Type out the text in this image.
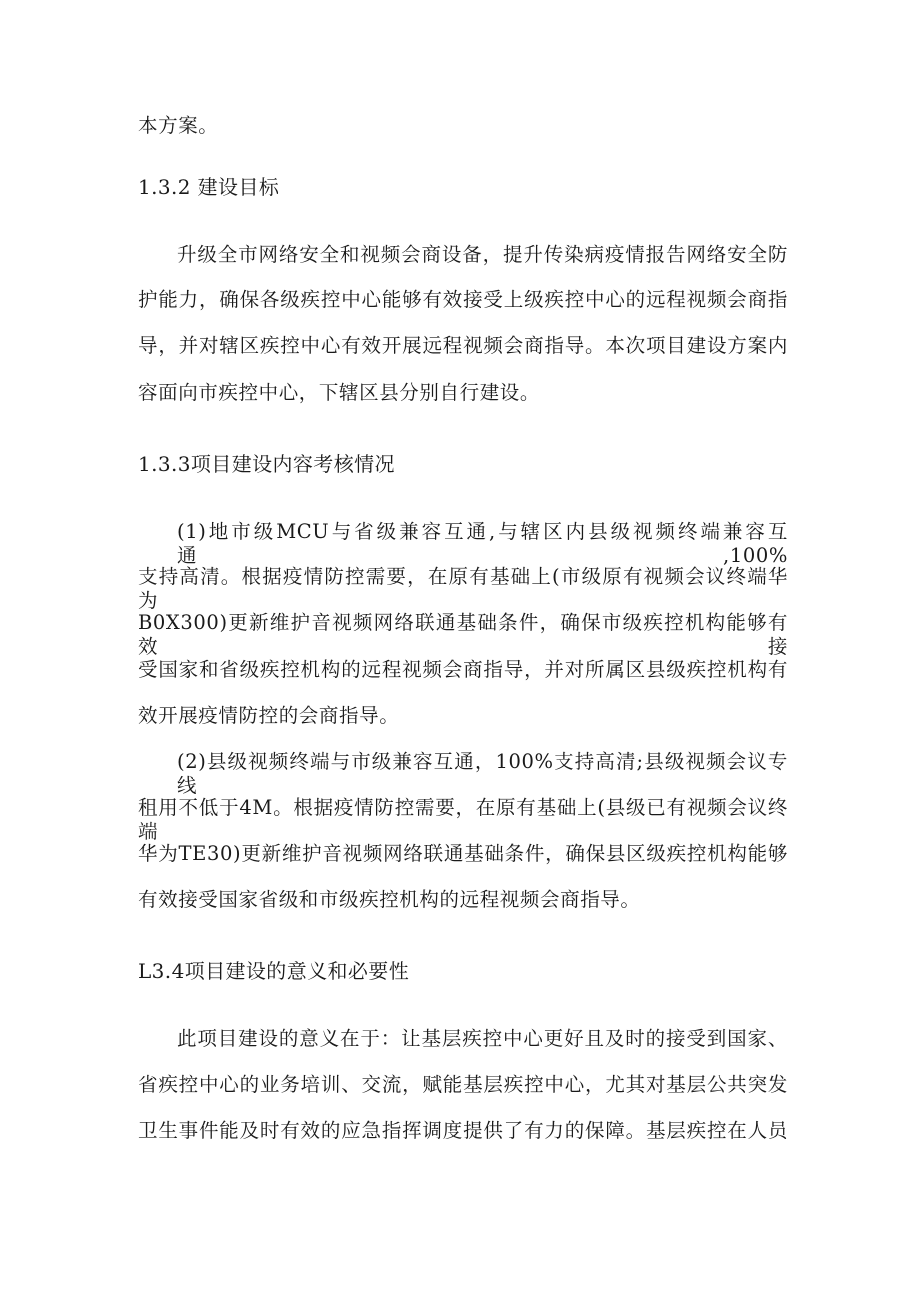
本方案。
1.3.2 建设目标
升级全市网络安全和视频会商设备，提升传染病疫情报告网络安全防
护能力，确保各级疾控中心能够有效接受上级疾控中心的远程视频会商指
导，并对辖区疾控中心有效开展远程视频会商指导。本次项目建设方案内
容面向市疾控中心，下辖区县分别自行建设。
1.3.3项目建设内容考核情况
(1)地市级MCU与省级兼容互通,与辖区内县级视频终端兼容互通,100%
支持高清。根据疫情防控需要，在原有基础上(市级原有视频会议终端华为
B0X300)更新维护音视频网络联通基础条件，确保市级疾控机构能够有效接
受国家和省级疾控机构的远程视频会商指导，并对所属区县级疾控机构有
效开展疫情防控的会商指导。
(2)县级视频终端与市级兼容互通，100%支持高清;县级视频会议专线
租用不低于4M。根据疫情防控需要，在原有基础上(县级已有视频会议终端
华为TE30)更新维护音视频网络联通基础条件，确保县区级疾控机构能够
有效接受国家省级和市级疾控机构的远程视频会商指导。
L3.4项目建设的意义和必要性
此项目建设的意义在于：让基层疾控中心更好且及时的接受到国家、
省疾控中心的业务培训、交流，赋能基层疾控中心，尤其对基层公共突发
卫生事件能及时有效的应急指挥调度提供了有力的保障。基层疾控在人员
